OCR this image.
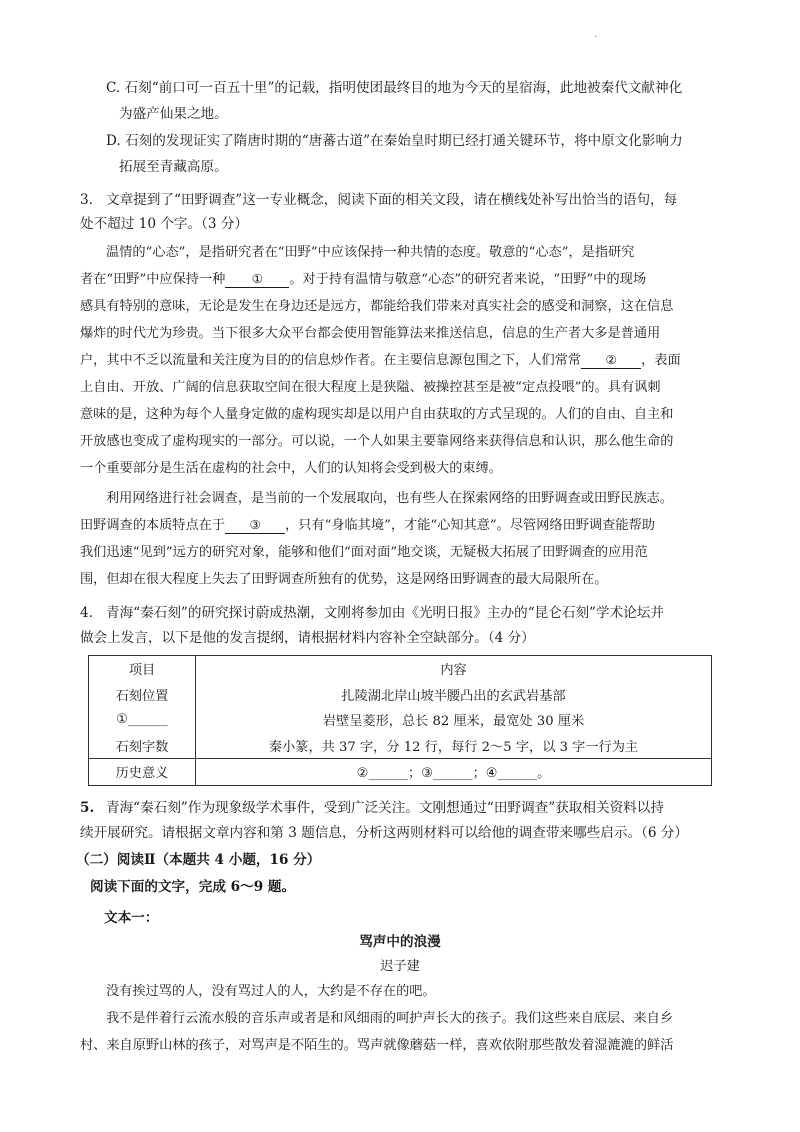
·
C. 石刻“前口可一百五十里”的记载，指明使团最终目的地为今天的星宿海，此地被秦代文献神化
为盛产仙果之地。
D. 石刻的发现证实了隋唐时期的“唐蕃古道”在秦始皇时期已经打通关键环节，将中原文化影响力
拓展至青藏高原。
3. 文章提到了“田野调查”这一专业概念，阅读下面的相关文段，请在横线处补写出恰当的语句，每
处不超过 10 个字。（3 分）
温情的“心态”，是指研究者在“田野”中应该保持一种共情的态度。敬意的“心态”，是指研究
者在“田野”中应保持一种 ① 。对于持有温情与敬意“心态”的研究者来说，“田野”中的现场
感具有特别的意味，无论是发生在身边还是远方，都能给我们带来对真实社会的感受和洞察，这在信息
爆炸的时代尤为珍贵。当下很多大众平台都会使用智能算法来推送信息，信息的生产者大多是普通用
户，其中不乏以流量和关注度为目的的信息炒作者。在主要信息源包围之下，人们常常 ② ，表面
上自由、开放、广阔的信息获取空间在很大程度上是狭隘、被操控甚至是被“定点投喂”的。具有讽刺
意味的是，这种为每个人量身定做的虚构现实却是以用户自由获取的方式呈现的。人们的自由、自主和
开放感也变成了虚构现实的一部分。可以说，一个人如果主要靠网络来获得信息和认识，那么他生命的
一个重要部分是生活在虚构的社会中，人们的认知将会受到极大的束缚。
利用网络进行社会调查，是当前的一个发展取向，也有些人在探索网络的田野调查或田野民族志。
田野调查的本质特点在于 ③ ，只有“身临其境”，才能“心知其意”。尽管网络田野调查能帮助
我们迅速“见到”远方的研究对象，能够和他们“面对面”地交谈，无疑极大拓展了田野调查的应用范
围，但却在很大程度上失去了田野调查所独有的优势，这是网络田野调查的最大局限所在。
4. 青海“秦石刻”的研究探讨蔚成热潮，文刚将参加由《光明日报》主办的“昆仑石刻”学术论坛并
做会上发言，以下是他的发言提纲，请根据材料内容补全空缺部分。（4 分）
项目	内容
石刻位置	扎陵湖北岸山坡半腰凸出的玄武岩基部
①______	岩壁呈菱形，总长 82 厘米，最宽处 30 厘米
石刻字数	秦小篆，共 37 字，分 12 行，每行 2～5 字，以 3 字一行为主
历史意义	②______；③______；④______。
5. 青海“秦石刻”作为现象级学术事件，受到广泛关注。文刚想通过“田野调查”获取相关资料以持
续开展研究。请根据文章内容和第 3 题信息，分析这两则材料可以给他的调查带来哪些启示。（6 分）
（二）阅读Ⅱ（本题共 4 小题，16 分）
阅读下面的文字，完成 6～9 题。
文本一：
骂声中的浪漫
迟子建
没有挨过骂的人，没有骂过人的人，大约是不存在的吧。
我不是伴着行云流水般的音乐声或者是和风细雨的呵护声长大的孩子。我们这些来自底层、来自乡
村、来自原野山林的孩子，对骂声是不陌生的。骂声就像蘑菇一样，喜欢依附那些散发着湿漉漉的鲜活
